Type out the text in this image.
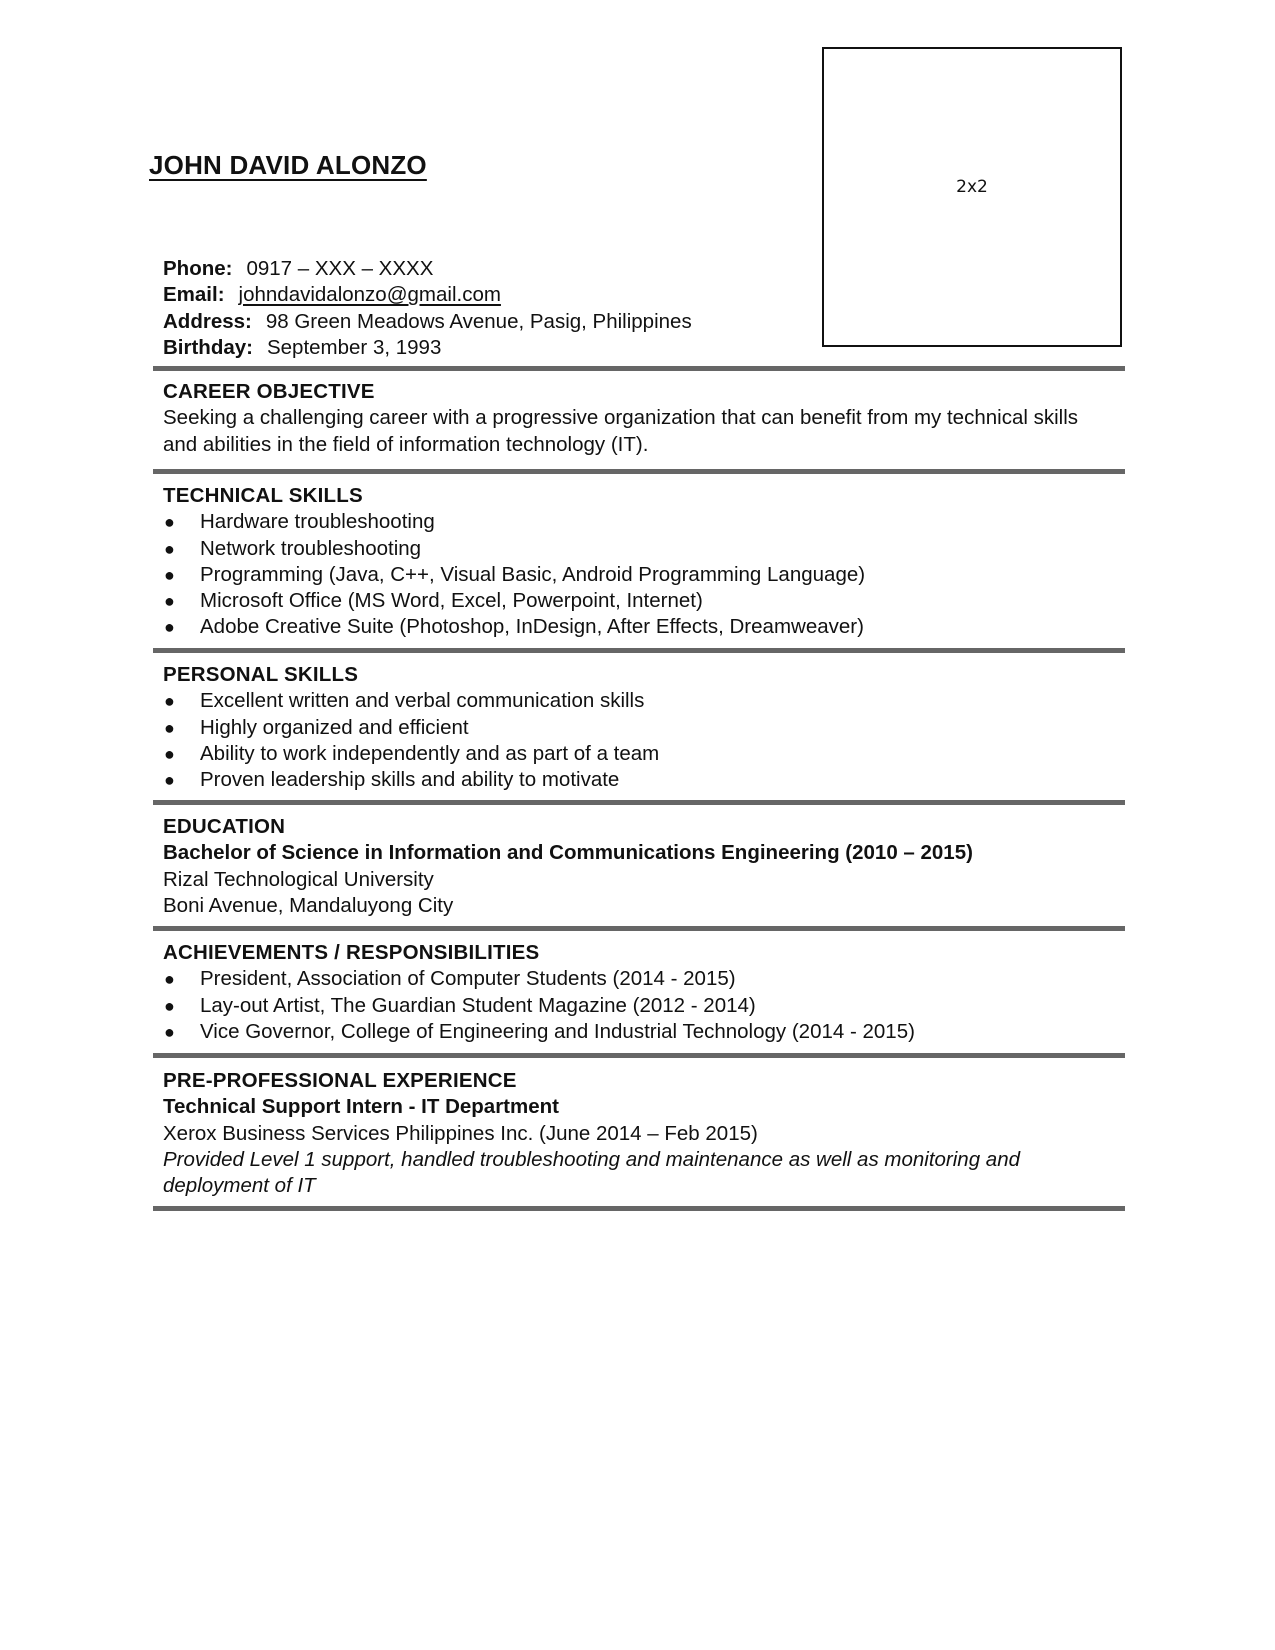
JOHN DAVID ALONZO
2x2
Phone: 0917 – XXX – XXXX
Email: johndavidalonzo@gmail.com
Address: 98 Green Meadows Avenue, Pasig, Philippines
Birthday: September 3, 1993
CAREER OBJECTIVE

Seeking a challenging career with a progressive organization that can benefit from my technical skills and abilities in the field of information technology (IT).

TECHNICAL SKILLS
● Hardware troubleshooting
● Network troubleshooting
● Programming (Java, C++, Visual Basic, Android Programming Language)
● Microsoft Office (MS Word, Excel, Powerpoint, Internet)
● Adobe Creative Suite (Photoshop, InDesign, After Effects, Dreamweaver)
PERSONAL SKILLS
● Excellent written and verbal communication skills
● Highly organized and efficient
● Ability to work independently and as part of a team
● Proven leadership skills and ability to motivate
EDUCATION

Bachelor of Science in Information and Communications Engineering (2010 – 2015)

Rizal Technological University

Boni Avenue, Mandaluyong City

ACHIEVEMENTS / RESPONSIBILITIES
● President, Association of Computer Students (2014 - 2015)
● Lay-out Artist, The Guardian Student Magazine (2012 - 2014)
● Vice Governor, College of Engineering and Industrial Technology (2014 - 2015)
PRE-PROFESSIONAL EXPERIENCE

Technical Support Intern - IT Department

Xerox Business Services Philippines Inc. (June 2014 – Feb 2015)

Provided Level 1 support, handled troubleshooting and maintenance as well as monitoring and deployment of IT
